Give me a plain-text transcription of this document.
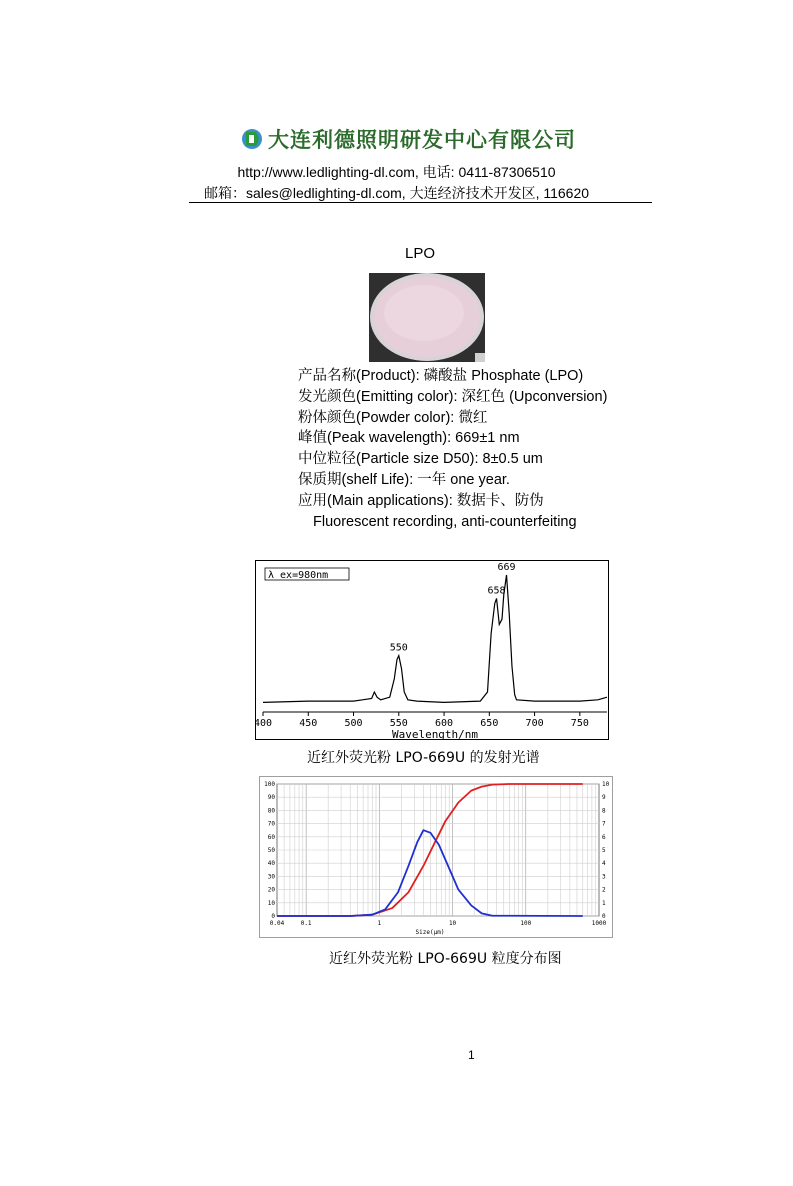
大连利德照明研发中心有限公司
http://www.ledlighting-dl.com, 电话: 0411-87306510
邮箱：sales@ledlighting-dl.com, 大连经济技术开发区, 116620
LPO
产品名称(Product): 磷酸盐 Phosphate (LPO)
发光颜色(Emitting color): 深红色 (Upconversion)
粉体颜色(Powder color): 微红
峰值(Peak wavelength): 669±1 nm
中位粒径(Particle size D50): 8±0.5 um
保质期(shelf Life): 一年 one year.
应用(Main applications): 数据卡、防伪
Fluorescent recording, anti-counterfeiting
400	450	500	550	600	650	700	750
Wavelength/nm
λ ex=980nm
550
658
669
近红外荧光粉 LPO-669U 的发射光谱
0	0
10	1
20	2
30	3
40	4
50	5
60	6
70	7
80	8
90	9
100	10
0.04	0.1	1	10	100	1000
Size(μm)
近红外荧光粉 LPO-669U 粒度分布图
1
